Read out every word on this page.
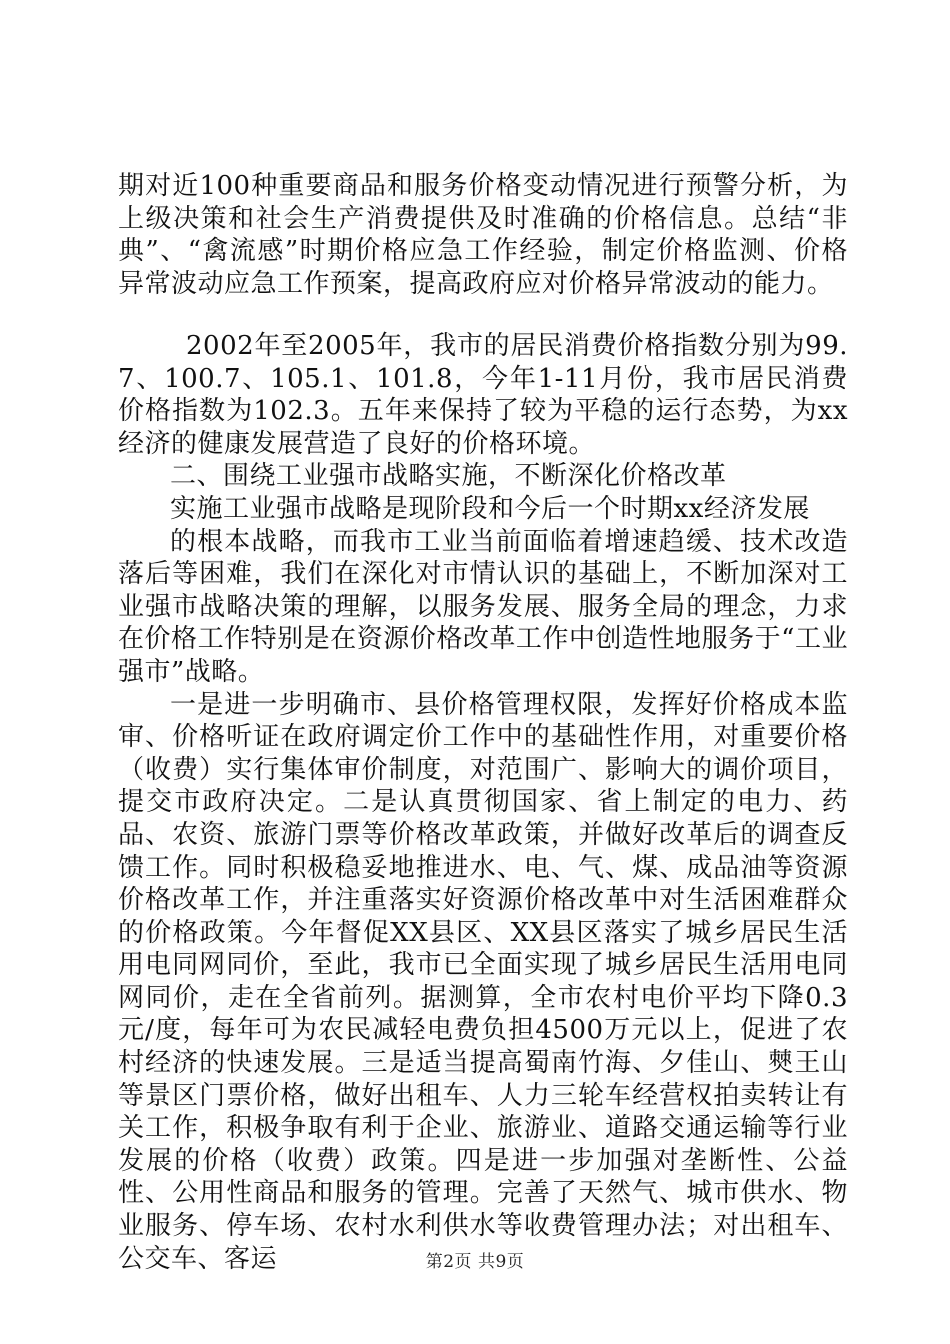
期对近100种重要商品和服务价格变动情况进行预警分析，为上级决策和社会生产消费提供及时准确的价格信息。总结“非典”、“禽流感”时期价格应急工作经验，制定价格监测、价格异常波动应急工作预案，提高政府应对价格异常波动的能力。

2002年至2005年，我市的居民消费价格指数分别为99.7、100.7、105.1、101.8，今年1-11月份，我市居民消费价格指数为102.3。五年来保持了较为平稳的运行态势，为xx经济的健康发展营造了良好的价格环境。

二、围绕工业强市战略实施，不断深化价格改革

实施工业强市战略是现阶段和今后一个时期xx经济发展

的根本战略，而我市工业当前面临着增速趋缓、技术改造落后等困难，我们在深化对市情认识的基础上，不断加深对工业强市战略决策的理解，以服务发展、服务全局的理念，力求在价格工作特别是在资源价格改革工作中创造性地服务于“工业强市”战略。

一是进一步明确市、县价格管理权限，发挥好价格成本监审、价格听证在政府调定价工作中的基础性作用，对重要价格（收费）实行集体审价制度，对范围广、影响大的调价项目，提交市政府决定。二是认真贯彻国家、省上制定的电力、药品、农资、旅游门票等价格改革政策，并做好改革后的调查反馈工作。同时积极稳妥地推进水、电、气、煤、成品油等资源价格改革工作，并注重落实好资源价格改革中对生活困难群众的价格政策。今年督促XX县区、XX县区落实了城乡居民生活用电同网同价，至此，我市已全面实现了城乡居民生活用电同网同价，走在全省前列。据测算，全市农村电价平均下降0.3元/度，每年可为农民减轻电费负担4500万元以上，促进了农村经济的快速发展。三是适当提高蜀南竹海、夕佳山、僰王山等景区门票价格，做好出租车、人力三轮车经营权拍卖转让有关工作，积极争取有利于企业、旅游业、道路交通运输等行业发展的价格（收费）政策。四是进一步加强对垄断性、公益性、公用性商品和服务的管理。完善了天然气、城市供水、物业服务、停车场、农村水利供水等收费管理办法；对出租车、公交车、客运	第2页 共9页
